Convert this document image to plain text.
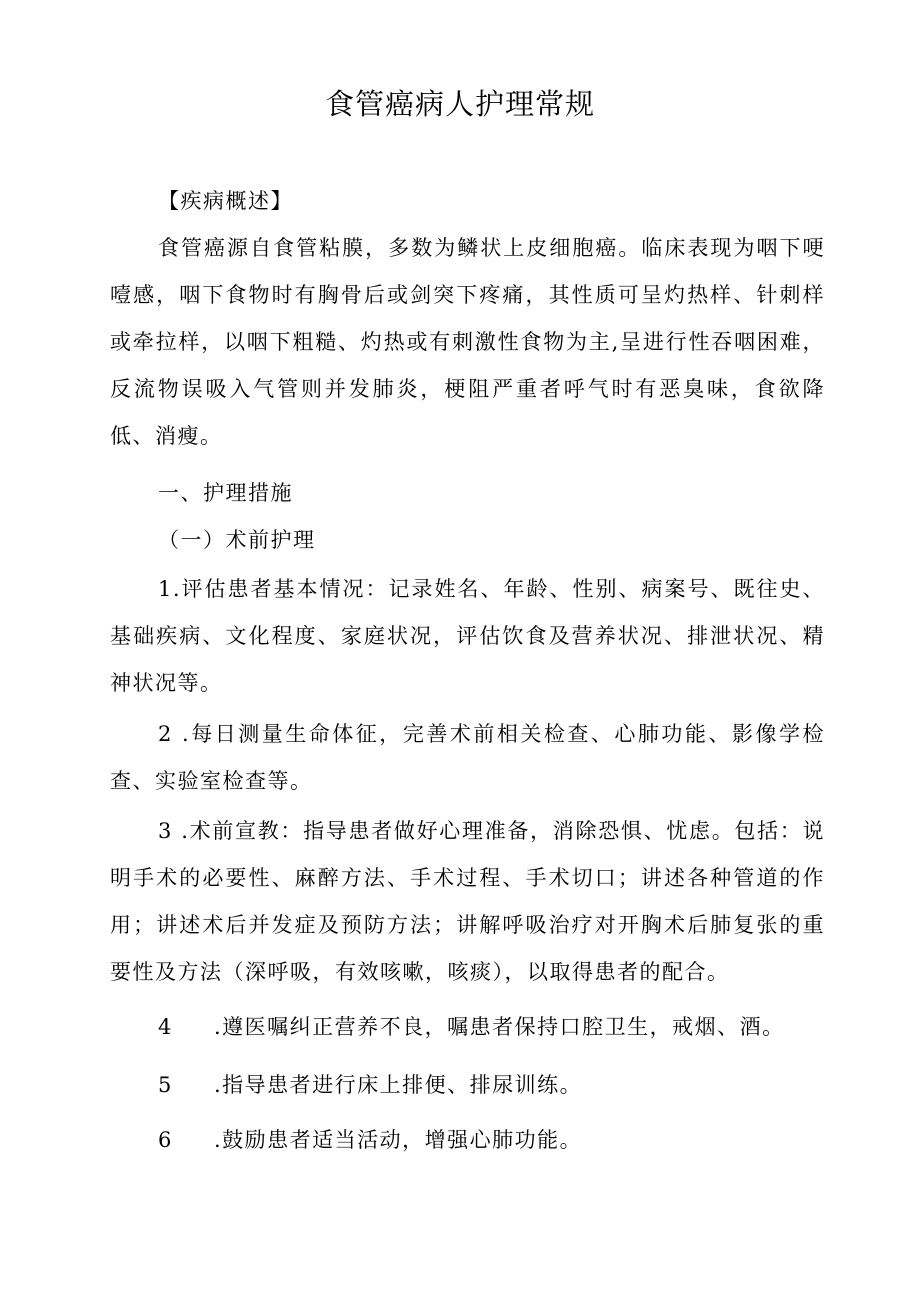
食管癌病人护理常规

【疾病概述】

食管癌源自食管粘膜，多数为鳞状上皮细胞癌。临床表现为咽下哽噎感，咽下食物时有胸骨后或剑突下疼痛，其性质可呈灼热样、针刺样或牵拉样，以咽下粗糙、灼热或有刺激性食物为主,呈进行性吞咽困难，反流物误吸入气管则并发肺炎，梗阻严重者呼气时有恶臭味，食欲降低、消瘦。

一、护理措施

（一）术前护理

1.评估患者基本情况：记录姓名、年龄、性别、病案号、既往史、基础疾病、文化程度、家庭状况，评估饮食及营养状况、排泄状况、精神状况等。

2 .每日测量生命体征，完善术前相关检查、心肺功能、影像学检查、实验室检查等。

3 .术前宣教：指导患者做好心理准备，消除恐惧、忧虑。包括：说明手术的必要性、麻醉方法、手术过程、手术切口；讲述各种管道的作用；讲述术后并发症及预防方法；讲解呼吸治疗对开胸术后肺复张的重要性及方法（深呼吸，有效咳嗽，咳痰），以取得患者的配合。

4 .遵医嘱纠正营养不良，嘱患者保持口腔卫生，戒烟、酒。

5 .指导患者进行床上排便、排尿训练。

6 .鼓励患者适当活动，增强心肺功能。
